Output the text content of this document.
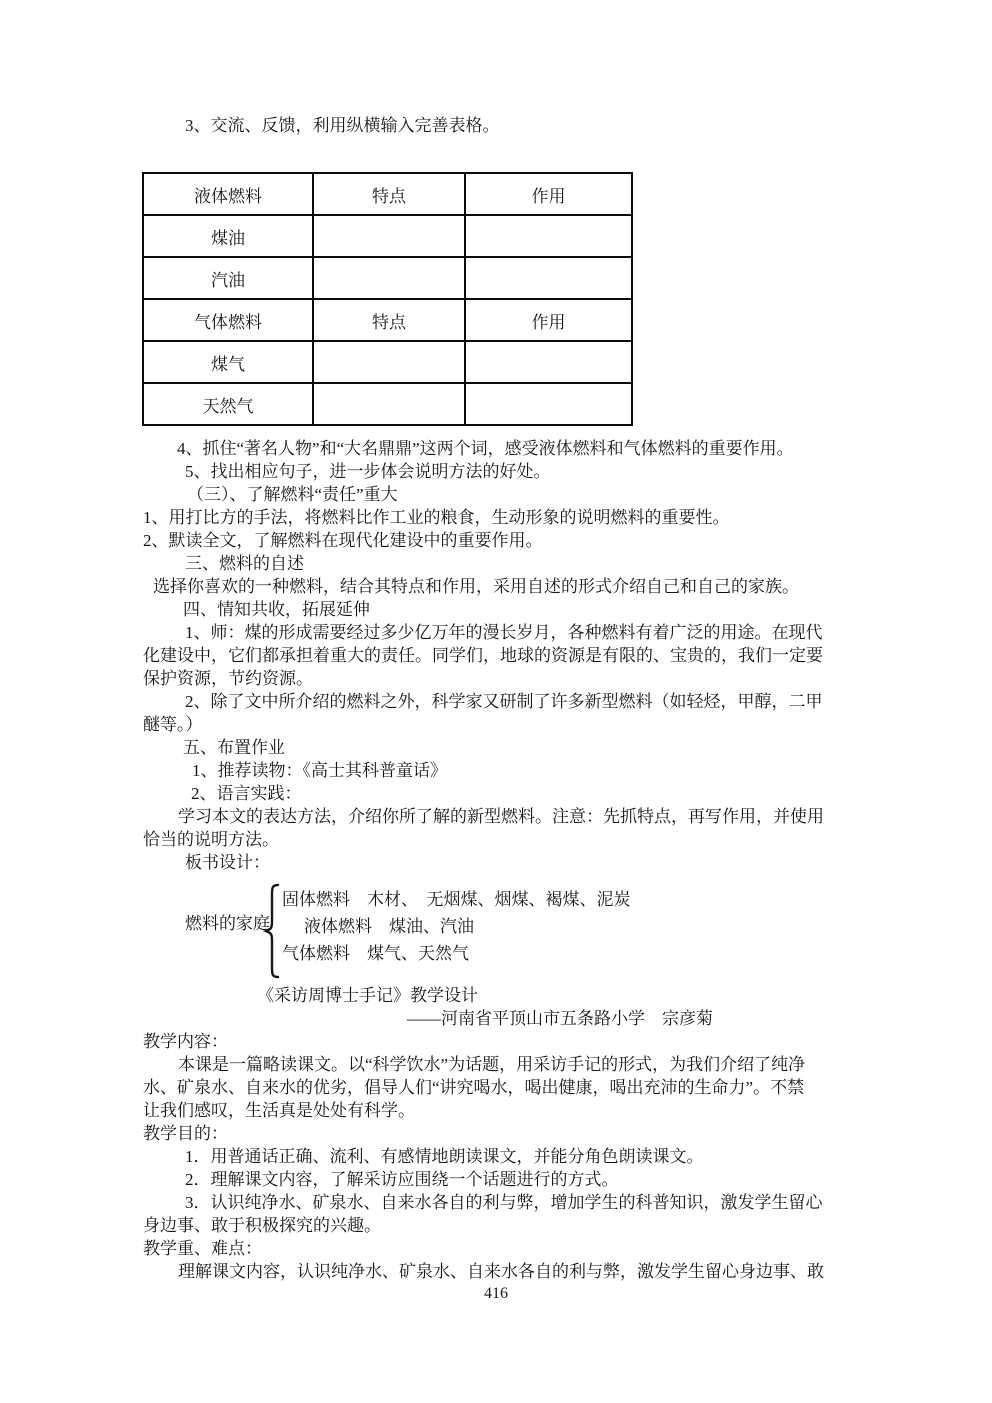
3、交流、反馈，利用纵横输入完善表格。
液体燃料	特点	作用
煤油		
汽油		
气体燃料	特点	作用
煤气		
天然气		
4、抓住“著名人物”和“大名鼎鼎”这两个词，感受液体燃料和气体燃料的重要作用。
5、找出相应句子，进一步体会说明方法的好处。
（三）、了解燃料“责任”重大
1、用打比方的手法，将燃料比作工业的粮食，生动形象的说明燃料的重要性。
2、默读全文，了解燃料在现代化建设中的重要作用。
三、燃料的自述
选择你喜欢的一种燃料，结合其特点和作用，采用自述的形式介绍自己和自己的家族。
四、情知共收，拓展延伸
1、师：煤的形成需要经过多少亿万年的漫长岁月，各种燃料有着广泛的用途。在现代
化建设中，它们都承担着重大的责任。同学们，地球的资源是有限的、宝贵的，我们一定要
保护资源，节约资源。
2、除了文中所介绍的燃料之外，科学家又研制了许多新型燃料（如轻烃，甲醇，二甲
醚等。）
五、布置作业
1、推荐读物：《高士其科普童话》
2、语言实践：
学习本文的表达方法，介绍你所了解的新型燃料。注意：先抓特点，再写作用，并使用
恰当的说明方法。
板书设计：
燃料的家庭
固体燃料　木材、　无烟煤、烟煤、褐煤、泥炭
液体燃料　煤油、汽油
气体燃料　煤气、天然气
《采访周博士手记》教学设计
——河南省平顶山市五条路小学　宗彦菊
教学内容：
本课是一篇略读课文。以“科学饮水”为话题，用采访手记的形式，为我们介绍了纯净
水、矿泉水、自来水的优劣，倡导人们“讲究喝水，喝出健康，喝出充沛的生命力”。不禁
让我们感叹，生活真是处处有科学。
教学目的：
1．用普通话正确、流利、有感情地朗读课文，并能分角色朗读课文。
2．理解课文内容，了解采访应围绕一个话题进行的方式。
3．认识纯净水、矿泉水、自来水各自的利与弊，增加学生的科普知识，激发学生留心
身边事、敢于积极探究的兴趣。
教学重、难点：
理解课文内容，认识纯净水、矿泉水、自来水各自的利与弊，激发学生留心身边事、敢
416
